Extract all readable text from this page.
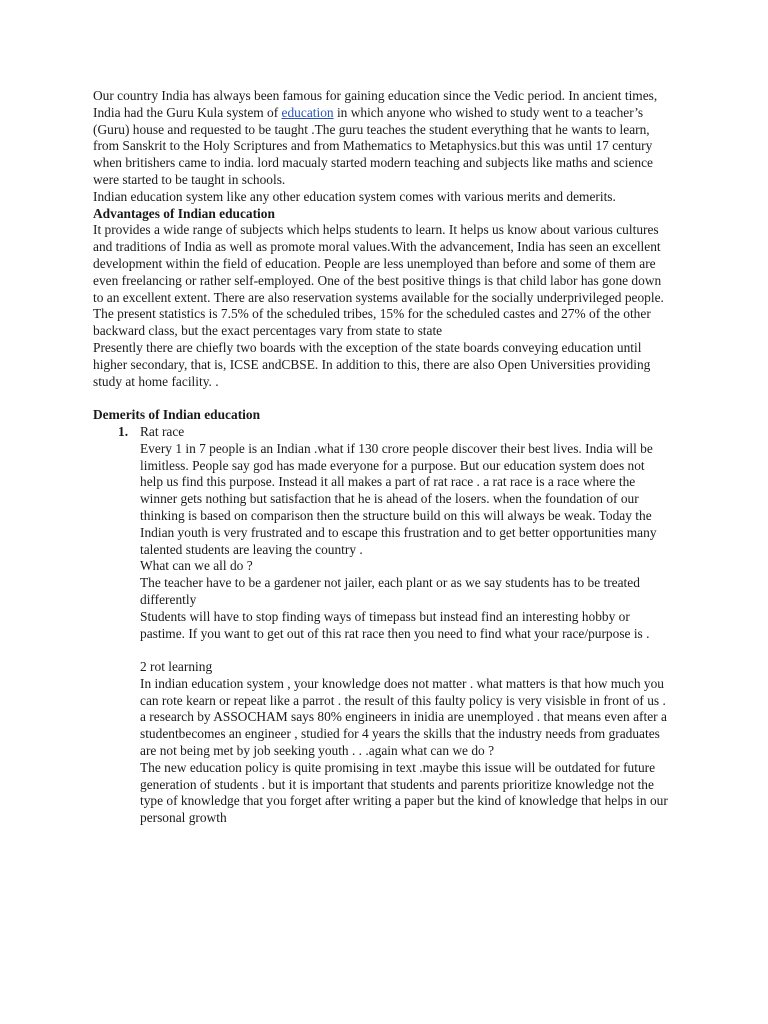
Our country India has always been famous for gaining education since the Vedic period. In ancient times, India had the Guru Kula system of education in which anyone who wished to study went to a teacher’s (Guru) house and requested to be taught .The guru teaches the student everything that he wants to learn, from Sanskrit to the Holy Scriptures and from Mathematics to Metaphysics.but this was until 17 century when britishers came to india. lord macualy started modern teaching and subjects like maths and science were started to be taught in schools.

Indian education system like any other education system comes with various merits and demerits.

Advantages of Indian education

It provides a wide range of subjects which helps students to learn. It helps us know about various cultures and traditions of India as well as promote moral values.With the advancement, India has seen an excellent development within the field of education. People are less unemployed than before and some of them are even freelancing or rather self-employed. One of the best positive things is that child labor has gone down to an excellent extent. There are also reservation systems available for the socially underprivileged people. The present statistics is 7.5% of the scheduled tribes, 15% for the scheduled castes and 27% of the other backward class, but the exact percentages vary from state to state

Presently there are chiefly two boards with the exception of the state boards conveying education until higher secondary, that is, ICSE andCBSE. In addition to this, there are also Open Universities providing study at home facility. .

Demerits of Indian education

1. Rat race

Every 1 in 7 people is an Indian .what if 130 crore people discover their best lives. India will be limitless. People say god has made everyone for a purpose. But our education system does not help us find this purpose. Instead it all makes a part of rat race . a rat race is a race where the winner gets nothing but satisfaction that he is ahead of the losers. when the foundation of our thinking is based on comparison then the structure build on this will always be weak. Today the Indian youth is very frustrated and to escape this frustration and to get better opportunities many talented students are leaving the country .

What can we all do ?

The teacher have to be a gardener not jailer, each plant or as we say students has to be treated differently

Students will have to stop finding ways of timepass but instead find an interesting hobby or pastime. If you want to get out of this rat race then you need to find what your race/purpose is .

2 rot learning

In indian education system , your knowledge does not matter . what matters is that how much you can rote kearn or repeat like a parrot . the result of this faulty policy is very visisble in front of us . a research by ASSOCHAM says 80% engineers in inidia are unemployed . that means even after a studentbecomes an engineer , studied for 4 years the skills that the industry needs from graduates are not being met by job seeking youth . . .again what can we do ?

The new education policy is quite promising in text .maybe this issue will be outdated for future generation of students . but it is important that students and parents prioritize knowledge not the type of knowledge that you forget after writing a paper but the kind of knowledge that helps in our personal growth
